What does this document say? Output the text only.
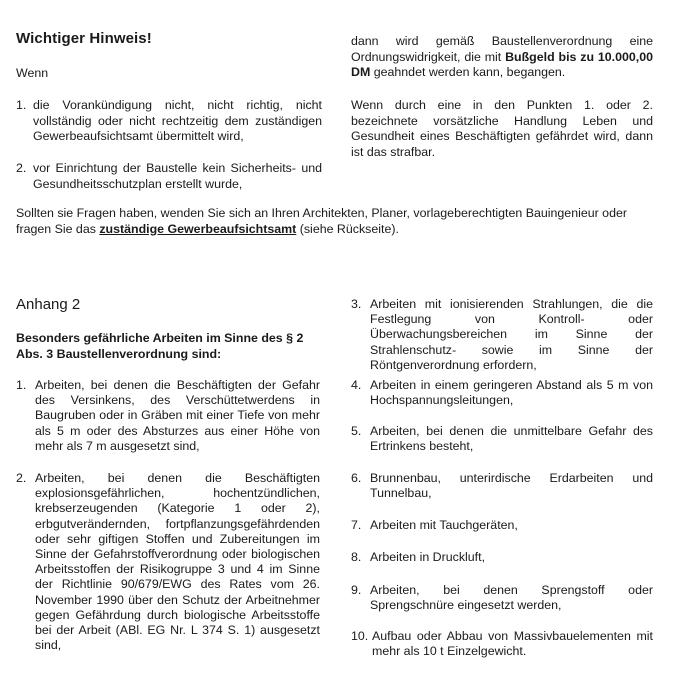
Wichtiger Hinweis!
Wenn
1. die Vorankündigung nicht, nicht richtig, nicht vollständig oder nicht rechtzeitig dem zuständigen Gewerbeaufsichtsamt übermittelt wird,
2. vor Einrichtung der Baustelle kein Sicherheits- und Gesundheitsschutzplan erstellt wurde,
dann wird gemäß Baustellenverordnung eine Ordnungswidrigkeit, die mit Bußgeld bis zu 10.000,00 DM geahndet werden kann, begangen.
Wenn durch eine in den Punkten 1. oder 2. bezeichnete vorsätzliche Handlung Leben und Gesundheit eines Beschäftigten gefährdet wird, dann ist das strafbar.
Sollten sie Fragen haben, wenden Sie sich an Ihren Architekten, Planer, vorlageberechtigten Bauingenieur oder fragen Sie das zuständige Gewerbeaufsichtsamt (siehe Rückseite).
Anhang 2
Besonders gefährliche Arbeiten im Sinne des § 2 Abs. 3 Baustellenverordnung sind:
1. Arbeiten, bei denen die Beschäftigten der Gefahr des Versinkens, des Verschüttetwerdens in Baugruben oder in Gräben mit einer Tiefe von mehr als 5 m oder des Absturzes aus einer Höhe von mehr als 7 m ausgesetzt sind,
2. Arbeiten, bei denen die Beschäftigten explosionsgefährlichen, hochentzündlichen, krebserzeugenden (Kategorie 1 oder 2), erbgutverändernden, fortpflanzungsgefährdenden oder sehr giftigen Stoffen und Zubereitungen im Sinne der Gefahrstoffverordnung oder biologischen Arbeitsstoffen der Risikogruppe 3 und 4 im Sinne der Richtlinie 90/679/EWG des Rates vom 26. November 1990 über den Schutz der Arbeitnehmer gegen Gefährdung durch biologische Arbeitsstoffe bei der Arbeit (ABl. EG Nr. L 374 S. 1) ausgesetzt sind,
3. Arbeiten mit ionisierenden Strahlungen, die die Festlegung von Kontroll- oder Überwachungsbereichen im Sinne der Strahlenschutz- sowie im Sinne der Röntgenverordnung erfordern,
4. Arbeiten in einem geringeren Abstand als 5 m von Hochspannungsleitungen,
5. Arbeiten, bei denen die unmittelbare Gefahr des Ertrinkens besteht,
6. Brunnenbau, unterirdische Erdarbeiten und Tunnelbau,
7. Arbeiten mit Tauchgeräten,
8. Arbeiten in Druckluft,
9. Arbeiten, bei denen Sprengstoff oder Sprengschnüre eingesetzt werden,
10. Aufbau oder Abbau von Massivbauelementen mit mehr als 10 t Einzelgewicht.
